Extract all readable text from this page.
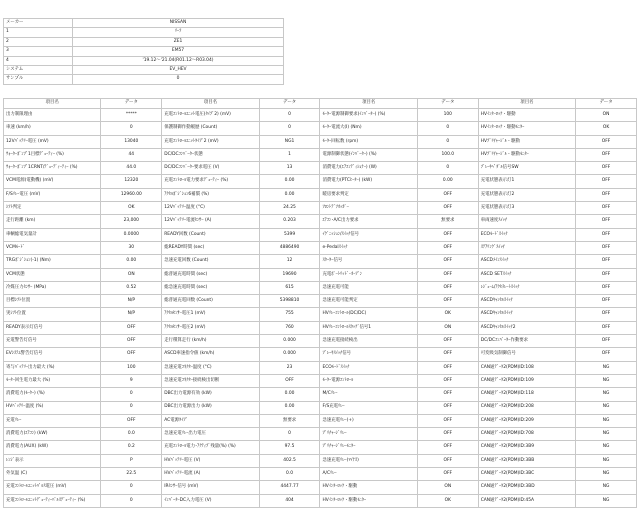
メーカー	NISSAN
1	ﾘｰﾌ
2	ZE1
3	EM57
4	'19.12～'21.04(R01.12～R03.04)
システム	EV_HEV
サンプル	0
項目名	データ	項目名	データ	項目名	データ	項目名	データ
出力制限理由	*****	充電ｺﾝﾄﾛｰﾙﾕﾆｯﾄ電圧(ﾀｲﾌﾟ2) (mV)	0	ﾓｰﾀｰ電源制御要求(ｲﾝﾊﾞｰﾀｰ) (%)	100	HVｲﾝﾀｰﾛｯｸ・駆動	ON
車速 (km/h)	0	保護制御作動履歴 (Count)	0	ﾓｰﾀｰ電流大(I) (Nm)	0	HVｲﾝﾀｰﾛｯｸ・駆動ﾓﾆﾀｰ	OK
12Vﾊﾞｯﾃﾘｰ電圧 (mV)	13040	充電ｺﾝﾄﾛｰﾙﾕﾆｯﾄﾀｲﾌﾟ2 (mV)	NG1	ﾓｰﾀｰ回転数 (rpm)	0	HVﾌﾟﾘﾁｬｰｼﾞﾙ・駆動	OFF
ｳｫｰﾀｰﾎﾟﾝﾌﾟ1目標ﾃﾞｭｰﾃｨｰ (%)	44	DC/DCｺﾝﾊﾞｰﾀｰ状態	1	電源制御状態(ｲﾝﾊﾞｰﾀｰ) (%)	100.0	HVﾌﾟﾘﾁｬｰｼﾞﾙ・駆動ﾓﾆﾀｰ	OFF
ｳｫｰﾀｰﾎﾟﾝﾌﾟ1CRNT/ﾃﾞｭｰﾃﾞｨｰﾃｨｰ (%)	44.0	DC/DCｺﾝﾊﾞｰﾀｰ要求電圧 (V)	13	消費電力(ｴｱｺﾝﾃﾞｨｼｮﾅｰ) (W)	0	ﾌﾞﾚｰｷﾍﾟﾀﾞﾙ信号SW	OFF
VCM電源(電動機) (mV)	12320	充電ｺﾝﾄﾛｰﾙ電力要求ﾃﾞｭｰﾃｨｰ (%)	0.00	消費電力(PTCﾋｰﾀｰ) (kW)	0.00	充電状態表示灯1	OFF
F/Sﾘﾚｰ電圧 (mV)	12960.00	ｱｸｾﾙﾎﾟｼﾞｼｮﾝ6補償 (%)	0.00	暖房要求判定	OFF	充電状態表示灯2	OFF
ｼﾌﾄ判定	OK	12Vﾊﾞｯﾃﾘｰ温度 (°C)	24.25	ﾌﾛﾝﾄﾃﾞﾌｵｯｶﾞｰ	OFF	充電状態表示灯3	OFF
走行距離 (km)	23,000	12Vﾊﾞｯﾃﾘｰ電流ｾﾝｻｰ (A)	0.203	ｴｱｺﾝ･A/C出力要求	無要求	車両速度ｽｲｯﾁ	OFF
車輌総電気量計	0.0000	READY回数 (Count)	5399	ｲｸﾞﾆｯｼｮﾝ/ｽｲｯﾁ信号	OFF	ECOﾓｰﾄﾞｽｲｯﾁ	OFF
VCMﾓｰﾄﾞ	30	総READY時間 (sec)	4886490	e-Pedalｽｲｯﾁ	OFF	ｽﾃｱﾘﾝｸﾞｽｲｯﾁ	OFF
TRGﾎﾟｼﾞｼｮﾝ(-1) (Nm)	0.00	急速充電回数 (Count)	12	ｽﾀｰﾀｰ信号	OFF	ASCDﾒｲﾝｽｲｯﾁ	OFF
VCM状態	ON	総普通充電時間 (sec)	19690	充電ﾎﾟｰﾄﾘｯﾄﾞ･ｵｰﾌﾟﾝ	OFF	ASCD SETｽｲｯﾁ	OFF
冷媒圧力ｾﾝｻｰ (MPa)	0.52	総急速充電時間 (sec)	615	急速充電可能	OFF	ﾚｼﾞｭｰﾑ/ｱｸｾﾗﾚｰﾄｽｲｯﾁ	OFF
目標ｼﾌﾄ位置	N/P	総普通充電回数 (Count)	5398810	急速充電可能判定	OFF	ASCDｷｬﾝｾﾙｽｲｯﾁ	OFF
実ｼﾌﾄ位置	N/P	ｱｸｾﾙｾﾝｻｰ電圧1 (mV)	755	HVﾘﾚｰｺﾝﾄﾛｰﾙ(DC/DC)	OK	ASCDｷｬﾝｾﾙｽｲｯﾁ	OFF
READY表示灯信号	OFF	ｱｸｾﾙｾﾝｻｰ電圧2 (mV)	760	HVﾘﾚｰｺﾝﾄﾛｰﾙｽﾀｯｸﾞ信号1	ON	ASCDｷｬﾝｾﾙｽｲｯﾁ2	OFF
充電警告灯信号	OFF	走行積算走行 (km/h)	0.000	急速充電接続検出	OFF	DC/DCｺﾝﾊﾞｰﾀｰ作動要求	OFF
EVｼｽﾃﾑ警告灯信号	OFF	ASCD車速指令値 (km/h)	0.000	ﾌﾞﾚｰｷｽｲｯﾁ信号	OFF	可変吸気制御信号	OFF
寄与ﾊﾞｯﾃﾘｰ出力最大 (%)	100	急速充電ｺﾈｸﾀｰ温度 (°C)	23	ECOﾓｰﾄﾞｽｲｯﾁ	OFF	CAN通ﾃﾞｰﾀ2(PDM)ID:108	NG
ﾓｰﾀｰ回生電力最大 (%)	9	急速充電ｺﾈｸﾀｰ接続検出切断	OFF	ﾓｰﾀｰ電源ｺﾝﾄﾛｰﾙ	OFF	CAN通ﾃﾞｰﾀ2(PDM)ID:109	NG
消費電力(ﾓｰﾀｰ) (%)	0	DBC出力電源有効 (kW)	0.00	M/Cﾘﾚｰ	OFF	CAN通ﾃﾞｰﾀ2(PDM)ID:118	NG
HVﾊﾞｯﾃﾘｰ温度 (%)	0	DBC出力電源出力 (kW)	0.00	F/S充電ﾘﾚｰ	OFF	CAN通ﾃﾞｰﾀ2(PDM)ID:208	NG
充電ﾘﾚｰ	OFF	AC電源ﾀｲﾌﾟ	無要求	急速充電ﾘﾚｰ(+)	OFF	CAN通ﾃﾞｰﾀ2(PDM)ID:209	NG
消費電力(ｴｱｺﾝ) (kW)	0.0	急速充電ﾘﾚｰ出力電圧	0	ﾌﾟﾘﾁｬｰｼﾞﾘﾚｰ	OFF	CAN通ﾃﾞｰﾀ2(PDM)ID:708	NG
消費電力(AUX) (kW)	0.2	充電ｺﾝﾄﾛｰﾙ電力･ｱｸﾃｨﾌﾞ残量(%) (%)	97.5	ﾌﾟﾘﾁｬｰｼﾞﾘﾚｰﾓﾆﾀｰ	OFF	CAN通ﾃﾞｰﾀ2(PDM)ID:3B9	NG
ﾚﾝｼﾞ表示	P	HVﾊﾞｯﾃﾘｰ電圧 (V)	402.5	急速充電ﾘﾚｰ(ﾏｲﾅｽ)	OFF	CAN通ﾃﾞｰﾀ2(PDM)ID:3BB	NG
外気温 (C)	22.5	HVﾊﾞｯﾃﾘｰ電流 (A)	0.0	A/Cﾘﾚｰ	OFF	CAN通ﾃﾞｰﾀ2(PDM)ID:3BC	NG
充電ｺﾝﾄﾛｰﾙﾕﾆｯﾄﾊﾟﾙｽ電圧 (mV)	0	IRｾﾝｻｰ信号 (mV)	4447.77	HVｲﾝﾀｰﾛｯｸ・駆動	ON	CAN通ﾃﾞｰﾀ2(PDM)ID:3BD	NG
充電ｺﾝﾄﾛｰﾙﾕﾆｯﾄﾃﾞｭｰﾃｨｰﾊﾟﾙｽﾃﾞｭｰﾃｨｰ (%)	0	ｲﾝﾊﾞｰﾀｰDC入力電圧 (V)	404	HVｲﾝﾀｰﾛｯｸ・駆動ﾓﾆﾀｰ	OK	CAN通ﾃﾞｰﾀ2(PDM)ID:45A	NG
